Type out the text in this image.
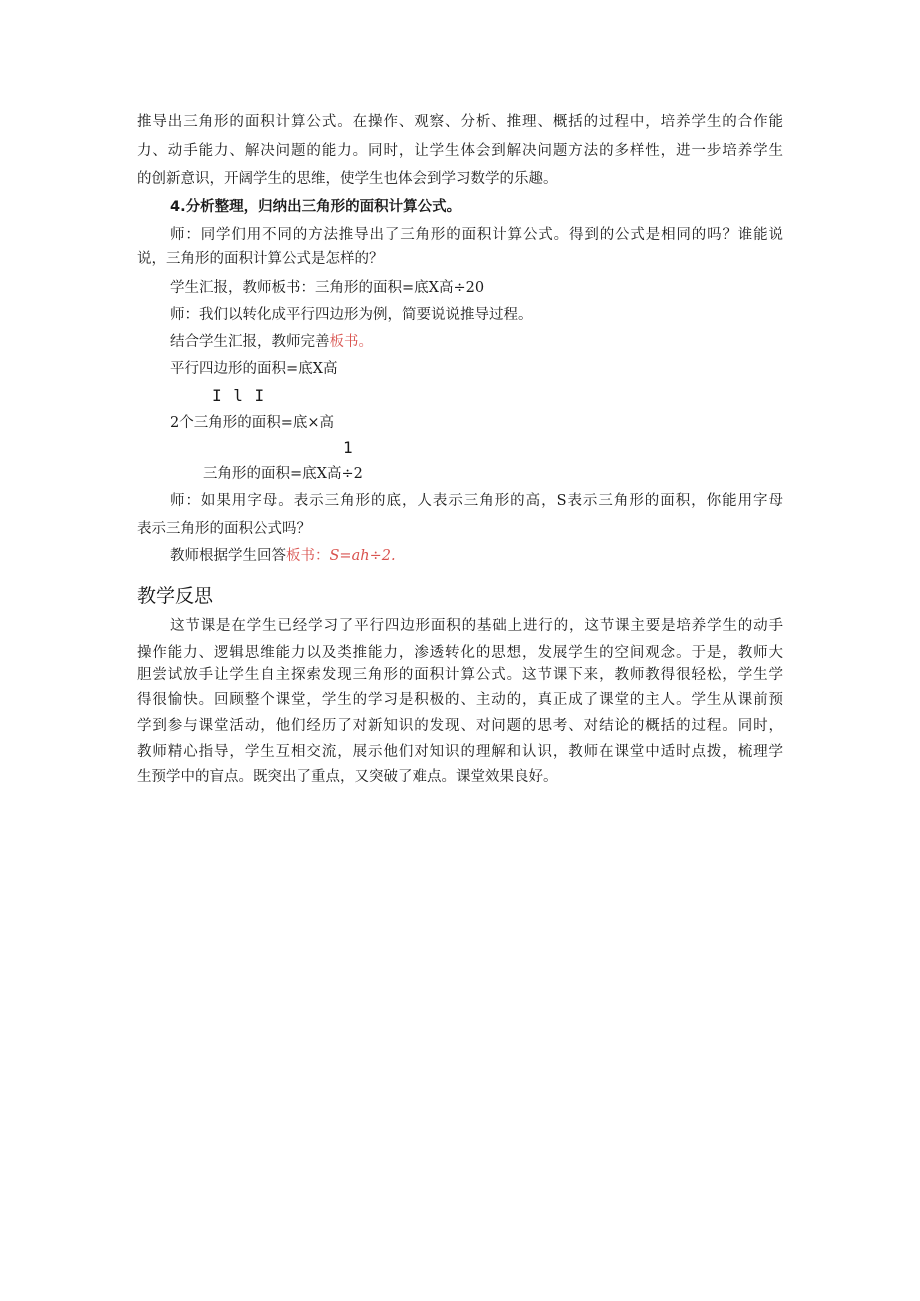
推导出三角形的面积计算公式。在操作、观察、分析、推理、概括的过程中，培养学生的合作能
力、动手能力、解决问题的能力。同时，让学生体会到解决问题方法的多样性，进一步培养学生
的创新意识，开阔学生的思维，使学生也体会到学习数学的乐趣。
4.分析整理，归纳出三角形的面积计算公式。
师：同学们用不同的方法推导出了三角形的面积计算公式。得到的公式是相同的吗？谁能说
说，三角形的面积计算公式是怎样的？
学生汇报，教师板书：三角形的面积=底X高÷20
师：我们以转化成平行四边形为例，简要说说推导过程。
结合学生汇报，教师完善板书。
平行四边形的面积=底X高
I l I
2个三角形的面积=底×高
1
三角形的面积=底X高÷2
师：如果用字母。表示三角形的底，人表示三角形的高，S表示三角形的面积，你能用字母
表示三角形的面积公式吗？
教师根据学生回答板书：S=ah÷2.
教学反思
这节课是在学生已经学习了平行四边形面积的基础上进行的，这节课主要是培养学生的动手
操作能力、逻辑思维能力以及类推能力，渗透转化的思想，发展学生的空间观念。于是，教师大
胆尝试放手让学生自主探索发现三角形的面积计算公式。这节课下来，教师教得很轻松，学生学
得很愉快。回顾整个课堂，学生的学习是积极的、主动的，真正成了课堂的主人。学生从课前预
学到参与课堂活动，他们经历了对新知识的发现、对问题的思考、对结论的概括的过程。同时，
教师精心指导，学生互相交流，展示他们对知识的理解和认识，教师在课堂中适时点拨，梳理学
生预学中的盲点。既突出了重点，又突破了难点。课堂效果良好。
